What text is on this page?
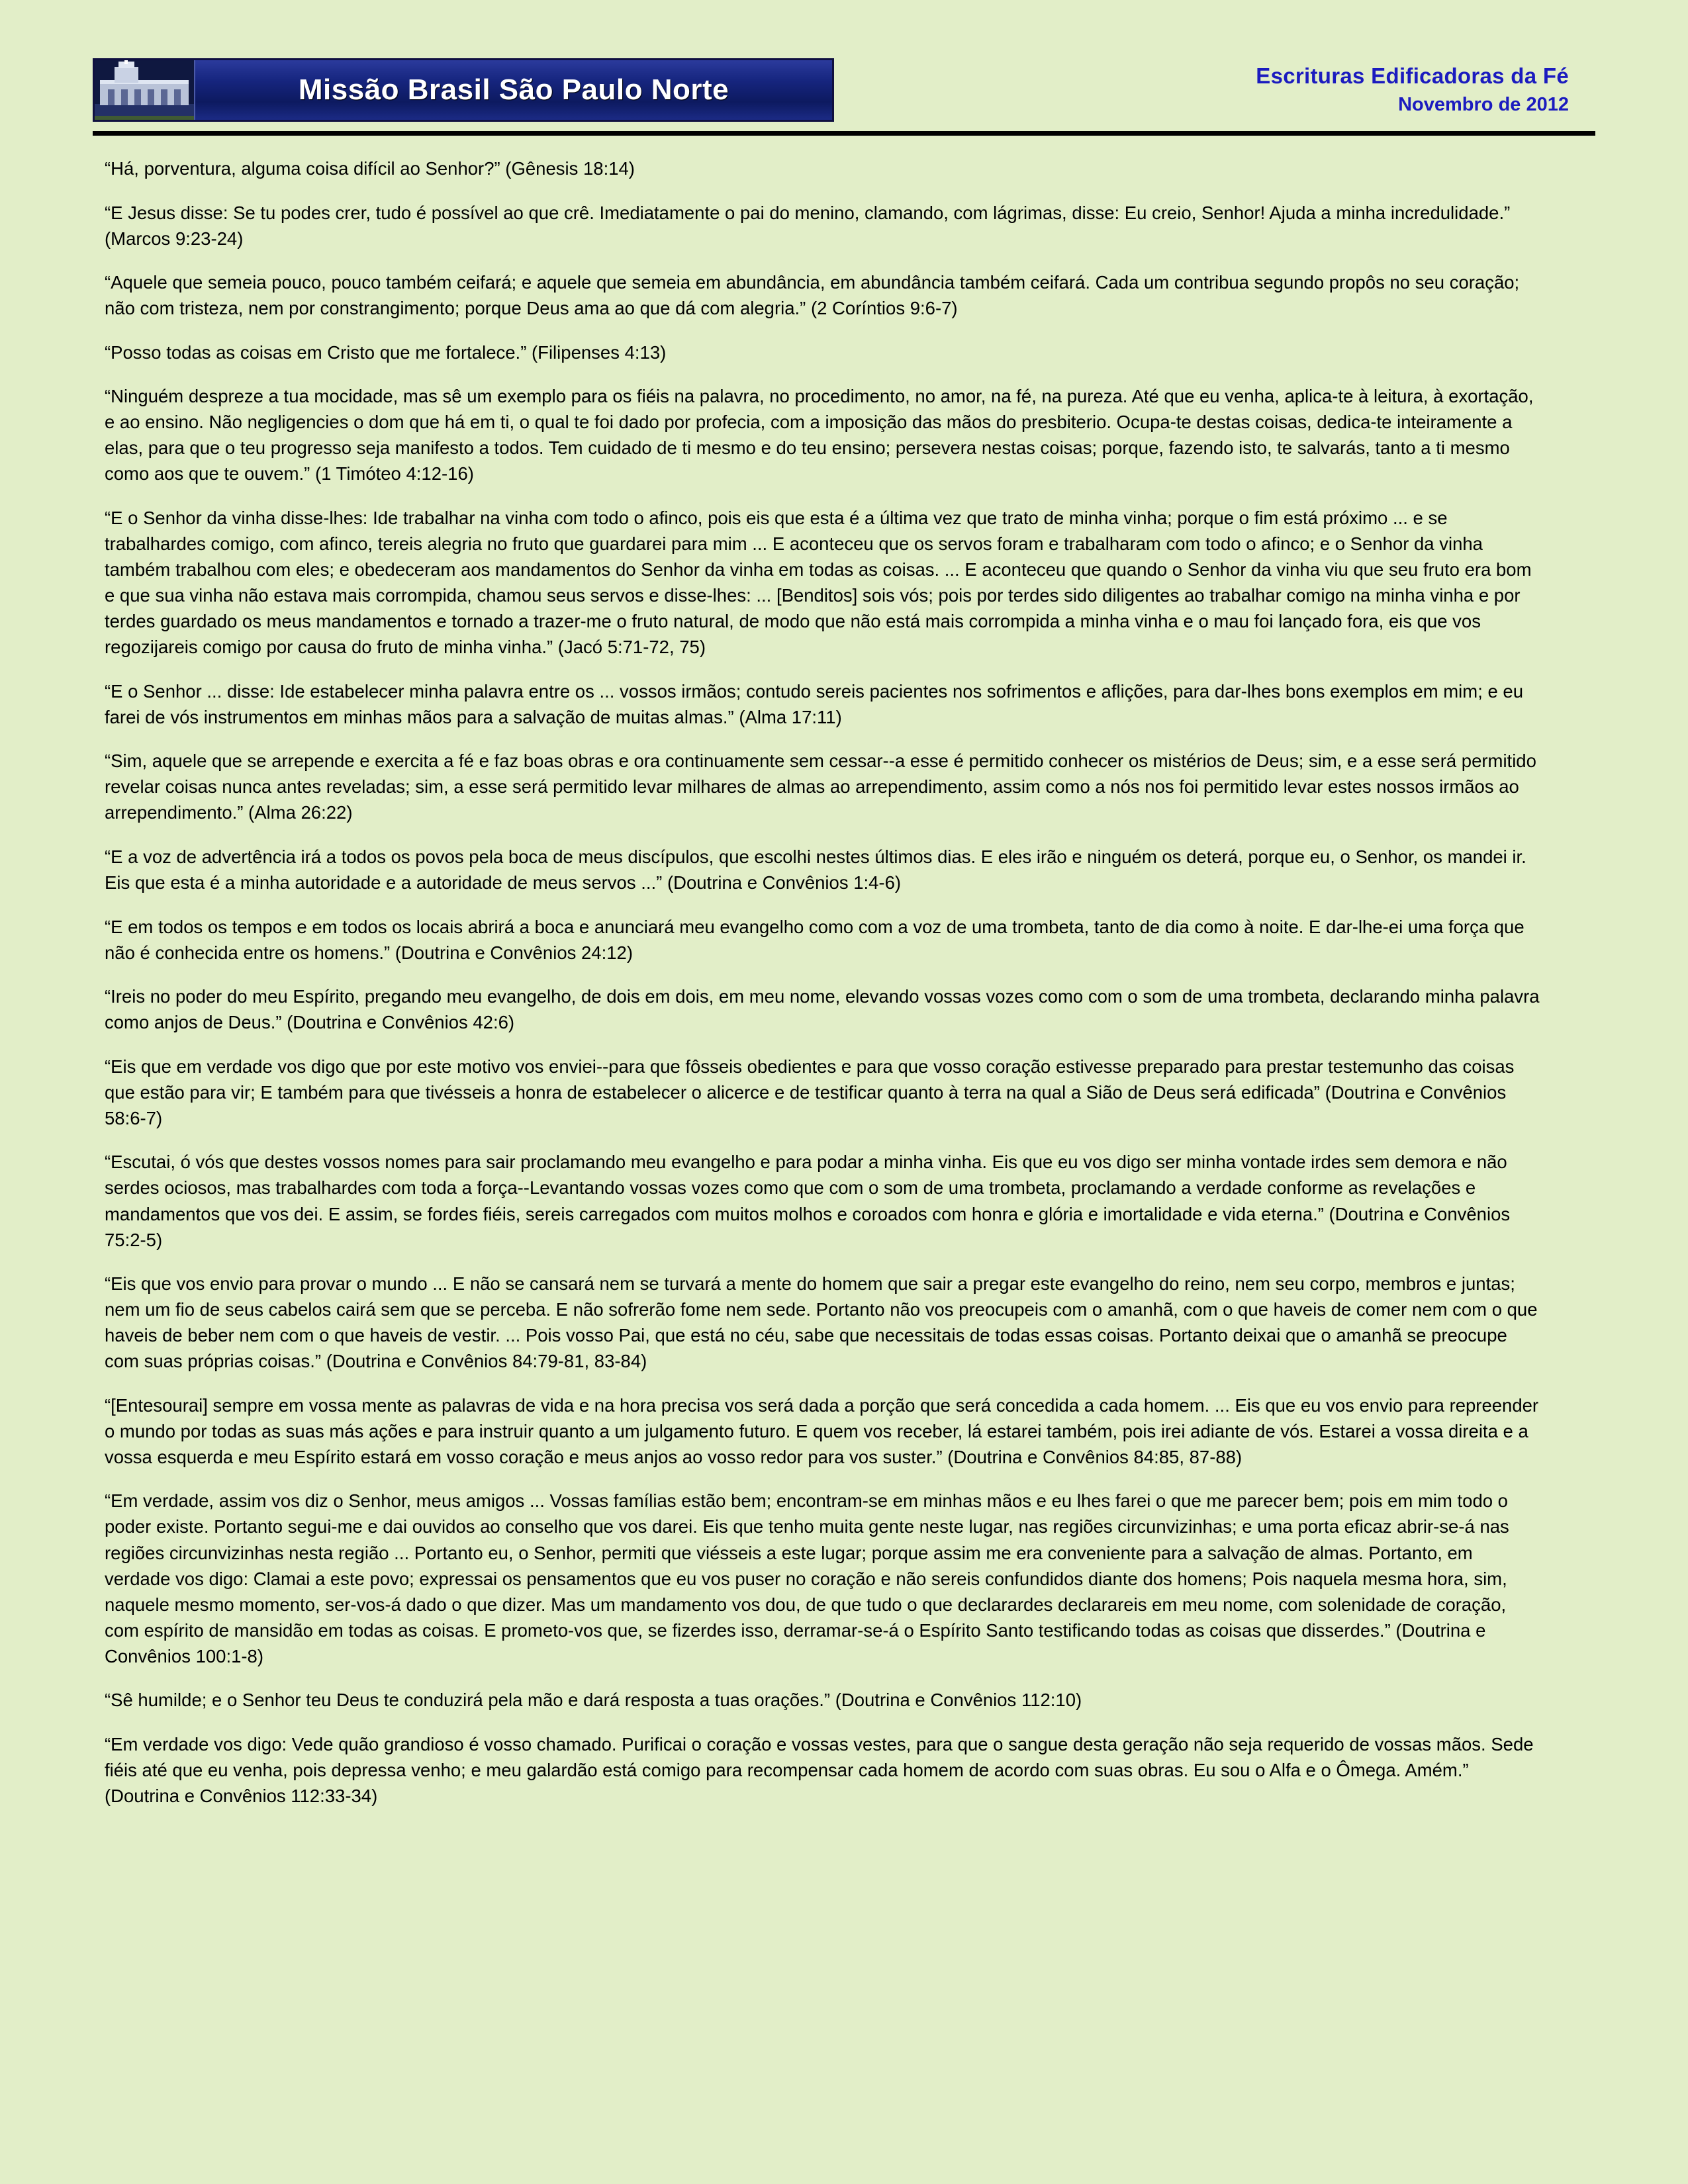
Missão Brasil São Paulo Norte	Escrituras Edificadoras da Fé
Novembro de 2012

“Há, porventura, alguma coisa difícil ao Senhor?” (Gênesis 18:14)

“E Jesus disse: Se tu podes crer, tudo é possível ao que crê. Imediatamente o pai do menino, clamando, com lágrimas, disse: Eu creio, Senhor! Ajuda a minha incredulidade.” (Marcos 9:23-24)

“Aquele que semeia pouco, pouco também ceifará; e aquele que semeia em abundância, em abundância também ceifará. Cada um contribua segundo propôs no seu coração; não com tristeza, nem por constrangimento; porque Deus ama ao que dá com alegria.” (2 Coríntios 9:6-7)

“Posso todas as coisas em Cristo que me fortalece.” (Filipenses 4:13)

“Ninguém despreze a tua mocidade, mas sê um exemplo para os fiéis na palavra, no procedimento, no amor, na fé, na pureza. Até que eu venha, aplica-te à leitura, à exortação, e ao ensino. Não negligencies o dom que há em ti, o qual te foi dado por profecia, com a imposição das mãos do presbiterio. Ocupa-te destas coisas, dedica-te inteiramente a elas, para que o teu progresso seja manifesto a todos. Tem cuidado de ti mesmo e do teu ensino; persevera nestas coisas; porque, fazendo isto, te salvarás, tanto a ti mesmo como aos que te ouvem.” (1 Timóteo 4:12-16)

“E o Senhor da vinha disse-lhes: Ide trabalhar na vinha com todo o afinco, pois eis que esta é a última vez que trato de minha vinha; porque o fim está próximo ... e se trabalhardes comigo, com afinco, tereis alegria no fruto que guardarei para mim ... E aconteceu que os servos foram e trabalharam com todo o afinco; e o Senhor da vinha também trabalhou com eles; e obedeceram aos mandamentos do Senhor da vinha em todas as coisas. ... E aconteceu que quando o Senhor da vinha viu que seu fruto era bom e que sua vinha não estava mais corrompida, chamou seus servos e disse-lhes: ... [Benditos] sois vós; pois por terdes sido diligentes ao trabalhar comigo na minha vinha e por terdes guardado os meus mandamentos e tornado a trazer-me o fruto natural, de modo que não está mais corrompida a minha vinha e o mau foi lançado fora, eis que vos regozijareis comigo por causa do fruto de minha vinha.” (Jacó 5:71-72, 75)

“E o Senhor ... disse: Ide estabelecer minha palavra entre os ... vossos irmãos; contudo sereis pacientes nos sofrimentos e aflições, para dar-lhes bons exemplos em mim; e eu farei de vós instrumentos em minhas mãos para a salvação de muitas almas.” (Alma 17:11)

“Sim, aquele que se arrepende e exercita a fé e faz boas obras e ora continuamente sem cessar--a esse é permitido conhecer os mistérios de Deus; sim, e a esse será permitido revelar coisas nunca antes reveladas; sim, a esse será permitido levar milhares de almas ao arrependimento, assim como a nós nos foi permitido levar estes nossos irmãos ao arrependimento.” (Alma 26:22)

“E a voz de advertência irá a todos os povos pela boca de meus discípulos, que escolhi nestes últimos dias. E eles irão e ninguém os deterá, porque eu, o Senhor, os mandei ir. Eis que esta é a minha autoridade e a autoridade de meus servos ...” (Doutrina e Convênios 1:4-6)

“E em todos os tempos e em todos os locais abrirá a boca e anunciará meu evangelho como com a voz de uma trombeta, tanto de dia como à noite. E dar-lhe-ei uma força que não é conhecida entre os homens.” (Doutrina e Convênios 24:12)

“Ireis no poder do meu Espírito, pregando meu evangelho, de dois em dois, em meu nome, elevando vossas vozes como com o som de uma trombeta, declarando minha palavra como anjos de Deus.” (Doutrina e Convênios 42:6)

“Eis que em verdade vos digo que por este motivo vos enviei--para que fôsseis obedientes e para que vosso coração estivesse preparado para prestar testemunho das coisas que estão para vir; E também para que tivésseis a honra de estabelecer o alicerce e de testificar quanto à terra na qual a Sião de Deus será edificada” (Doutrina e Convênios 58:6-7)

“Escutai, ó vós que destes vossos nomes para sair proclamando meu evangelho e para podar a minha vinha. Eis que eu vos digo ser minha vontade irdes sem demora e não serdes ociosos, mas trabalhardes com toda a força--Levantando vossas vozes como que com o som de uma trombeta, proclamando a verdade conforme as revelações e mandamentos que vos dei. E assim, se fordes fiéis, sereis carregados com muitos molhos e coroados com honra e glória e imortalidade e vida eterna.” (Doutrina e Convênios 75:2-5)

“Eis que vos envio para provar o mundo ... E não se cansará nem se turvará a mente do homem que sair a pregar este evangelho do reino, nem seu corpo, membros e juntas; nem um fio de seus cabelos cairá sem que se perceba. E não sofrerão fome nem sede. Portanto não vos preocupeis com o amanhã, com o que haveis de comer nem com o que haveis de beber nem com o que haveis de vestir. ... Pois vosso Pai, que está no céu, sabe que necessitais de todas essas coisas. Portanto deixai que o amanhã se preocupe com suas próprias coisas.” (Doutrina e Convênios 84:79-81, 83-84)

“[Entesourai] sempre em vossa mente as palavras de vida e na hora precisa vos será dada a porção que será concedida a cada homem. ... Eis que eu vos envio para repreender o mundo por todas as suas más ações e para instruir quanto a um julgamento futuro. E quem vos receber, lá estarei também, pois irei adiante de vós. Estarei a vossa direita e a vossa esquerda e meu Espírito estará em vosso coração e meus anjos ao vosso redor para vos suster.” (Doutrina e Convênios 84:85, 87-88)

“Em verdade, assim vos diz o Senhor, meus amigos ... Vossas famílias estão bem; encontram-se em minhas mãos e eu lhes farei o que me parecer bem; pois em mim todo o poder existe. Portanto segui-me e dai ouvidos ao conselho que vos darei. Eis que tenho muita gente neste lugar, nas regiões circunvizinhas; e uma porta eficaz abrir-se-á nas regiões circunvizinhas nesta região ... Portanto eu, o Senhor, permiti que viésseis a este lugar; porque assim me era conveniente para a salvação de almas. Portanto, em verdade vos digo: Clamai a este povo; expressai os pensamentos que eu vos puser no coração e não sereis confundidos diante dos homens; Pois naquela mesma hora, sim, naquele mesmo momento, ser-vos-á dado o que dizer. Mas um mandamento vos dou, de que tudo o que declarardes declarareis em meu nome, com solenidade de coração, com espírito de mansidão em todas as coisas. E prometo-vos que, se fizerdes isso, derramar-se-á o Espírito Santo testificando todas as coisas que disserdes.” (Doutrina e Convênios 100:1-8)

“Sê humilde; e o Senhor teu Deus te conduzirá pela mão e dará resposta a tuas orações.” (Doutrina e Convênios 112:10)

“Em verdade vos digo: Vede quão grandioso é vosso chamado. Purificai o coração e vossas vestes, para que o sangue desta geração não seja requerido de vossas mãos. Sede fiéis até que eu venha, pois depressa venho; e meu galardão está comigo para recompensar cada homem de acordo com suas obras. Eu sou o Alfa e o Ômega. Amém.” (Doutrina e Convênios 112:33-34)
